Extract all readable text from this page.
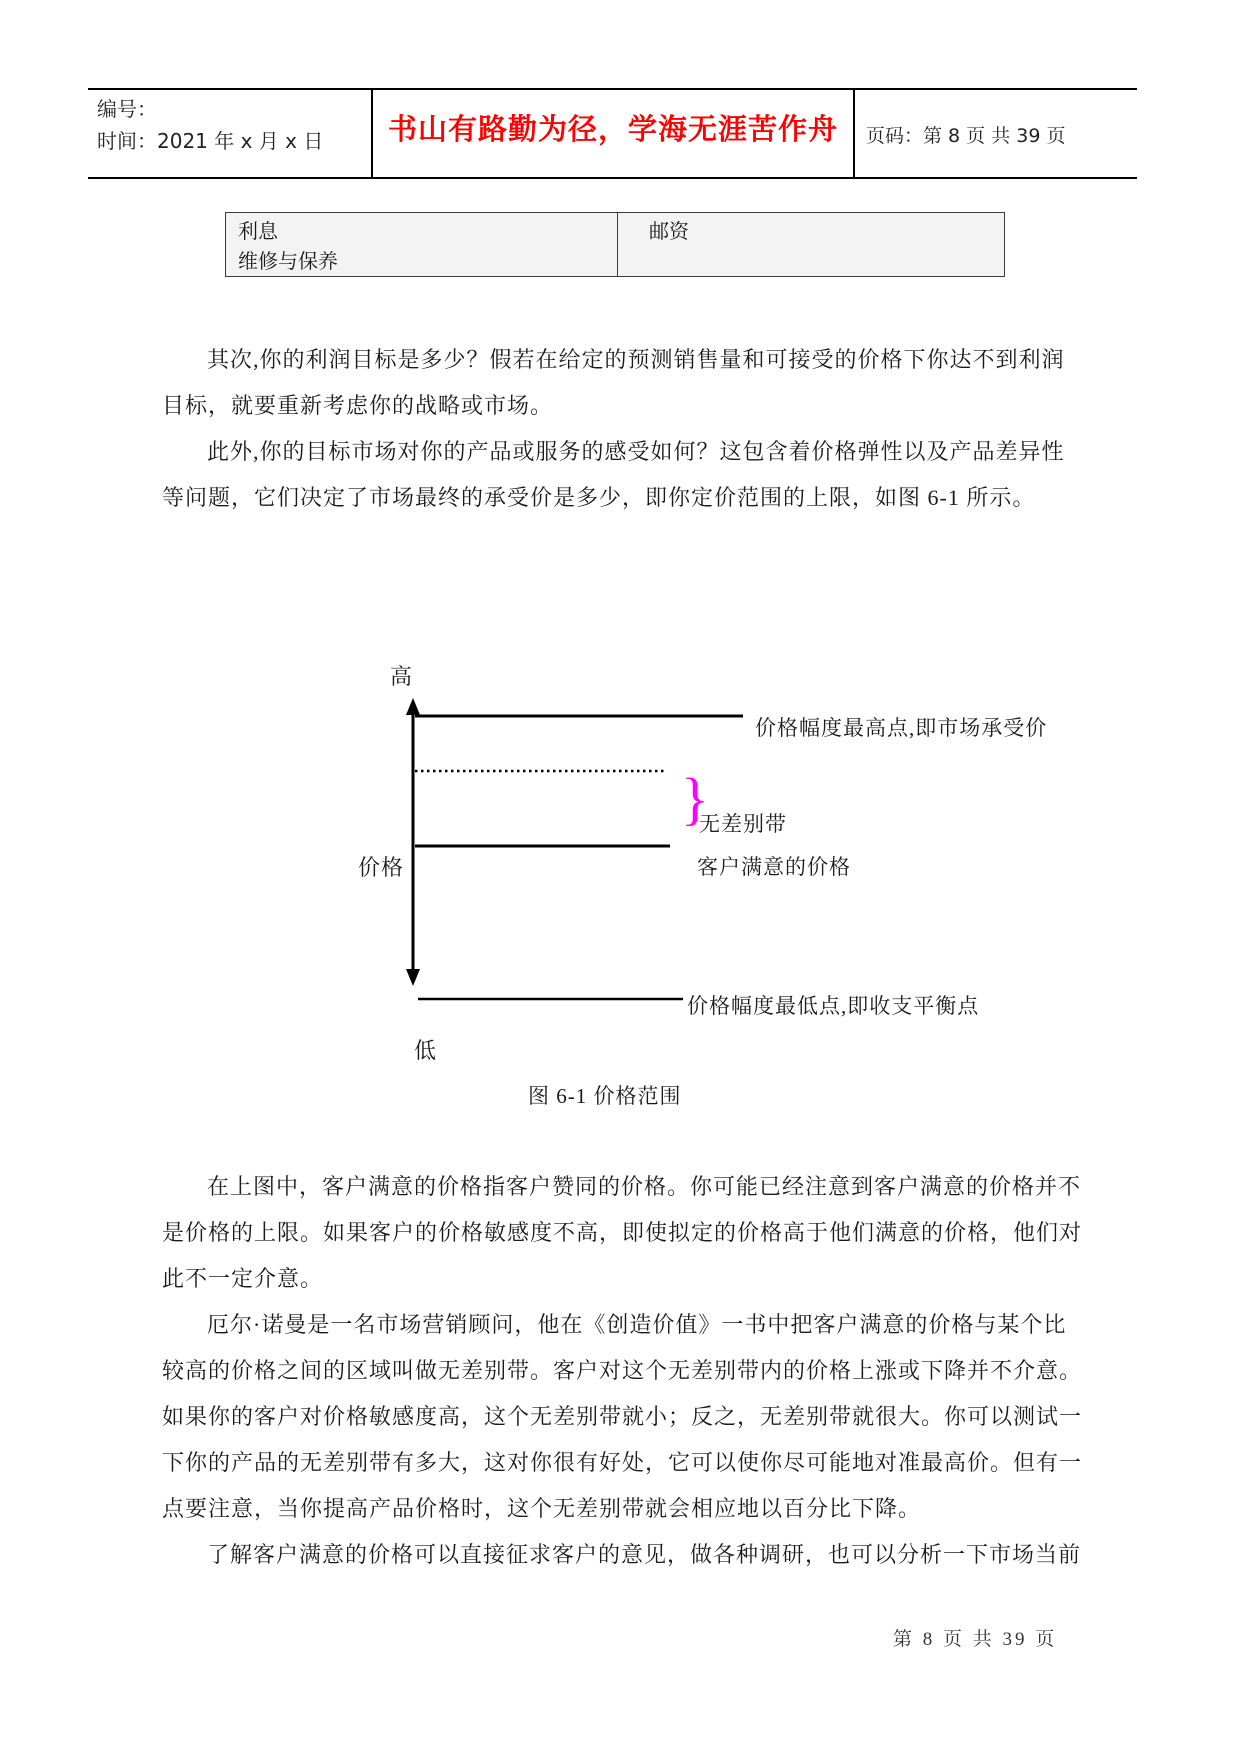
编号：
时间：2021 年 x 月 x 日	书山有路勤为径，学海无涯苦作舟	页码：第 8 页 共 39 页
利息
维修与保养
邮资
其次,你的利润目标是多少？假若在给定的预测销售量和可接受的价格下你达不到利润
目标，就要重新考虑你的战略或市场。
此外,你的目标市场对你的产品或服务的感受如何？这包含着价格弹性以及产品差异性
等问题，它们决定了市场最终的承受价是多少，即你定价范围的上限，如图 6-1 所示。
}
高
价格幅度最高点,即市场承受价
无差别带
客户满意的价格
价格
价格幅度最低点,即收支平衡点
低
图 6-1 价格范围
在上图中，客户满意的价格指客户赞同的价格。你可能已经注意到客户满意的价格并不
是价格的上限。如果客户的价格敏感度不高，即使拟定的价格高于他们满意的价格，他们对
此不一定介意。
厄尔·诺曼是一名市场营销顾问，他在《创造价值》一书中把客户满意的价格与某个比
较高的价格之间的区域叫做无差别带。客户对这个无差别带内的价格上涨或下降并不介意。
如果你的客户对价格敏感度高，这个无差别带就小；反之，无差别带就很大。你可以测试一
下你的产品的无差别带有多大，这对你很有好处，它可以使你尽可能地对准最高价。但有一
点要注意，当你提高产品价格时，这个无差别带就会相应地以百分比下降。
了解客户满意的价格可以直接征求客户的意见，做各种调研，也可以分析一下市场当前
第 8 页 共 39 页
